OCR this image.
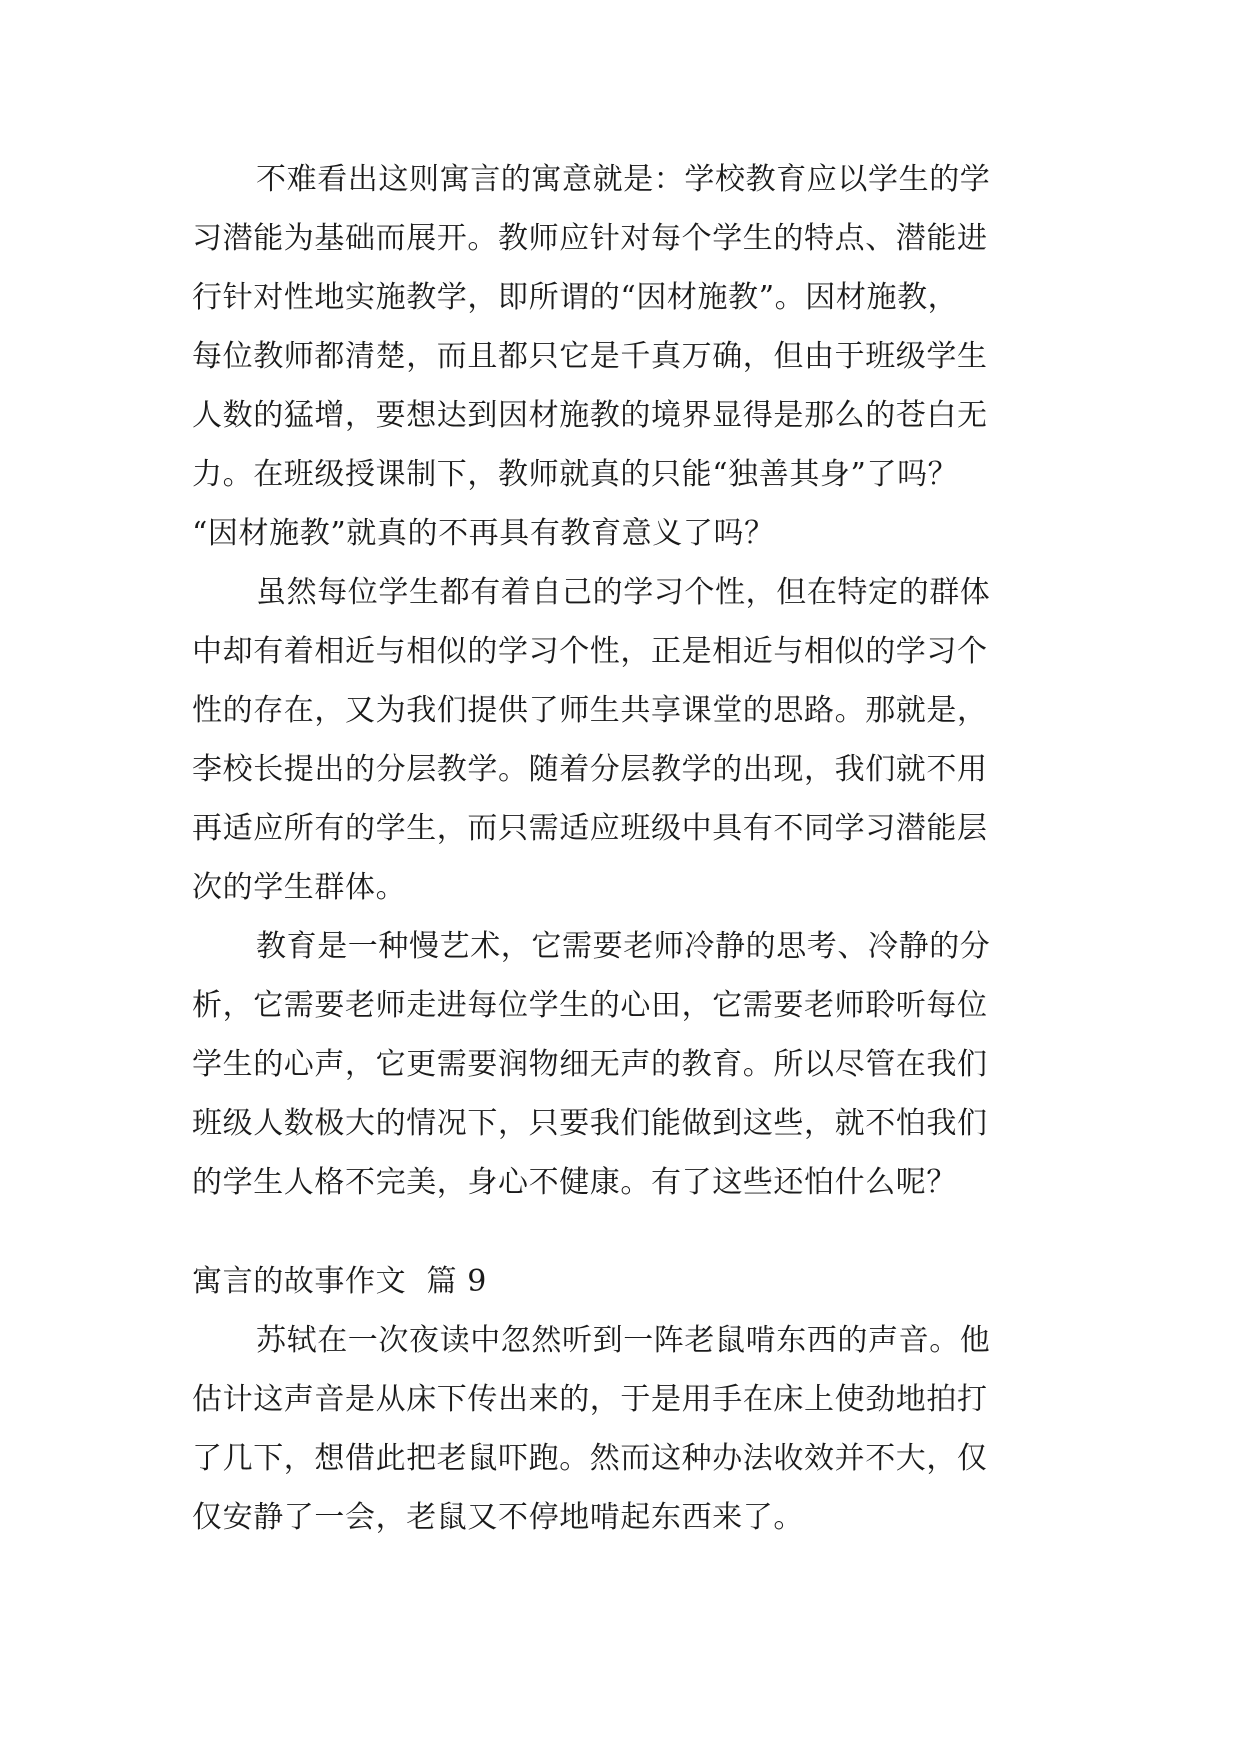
不难看出这则寓言的寓意就是：学校教育应以学生的学
习潜能为基础而展开。教师应针对每个学生的特点、潜能进
行针对性地实施教学，即所谓的“因材施教”。因材施教，
每位教师都清楚，而且都只它是千真万确，但由于班级学生
人数的猛增，要想达到因材施教的境界显得是那么的苍白无
力。在班级授课制下，教师就真的只能“独善其身”了吗？
“因材施教”就真的不再具有教育意义了吗？
虽然每位学生都有着自己的学习个性，但在特定的群体
中却有着相近与相似的学习个性，正是相近与相似的学习个
性的存在，又为我们提供了师生共享课堂的思路。那就是，
李校长提出的分层教学。随着分层教学的出现，我们就不用
再适应所有的学生，而只需适应班级中具有不同学习潜能层
次的学生群体。
教育是一种慢艺术，它需要老师冷静的思考、冷静的分
析，它需要老师走进每位学生的心田，它需要老师聆听每位
学生的心声，它更需要润物细无声的教育。所以尽管在我们
班级人数极大的情况下，只要我们能做到这些，就不怕我们
的学生人格不完美，身心不健康。有了这些还怕什么呢？
寓言的故事作文  篇 9
苏轼在一次夜读中忽然听到一阵老鼠啃东西的声音。他
估计这声音是从床下传出来的，于是用手在床上使劲地拍打
了几下，想借此把老鼠吓跑。然而这种办法收效并不大，仅
仅安静了一会，老鼠又不停地啃起东西来了。
